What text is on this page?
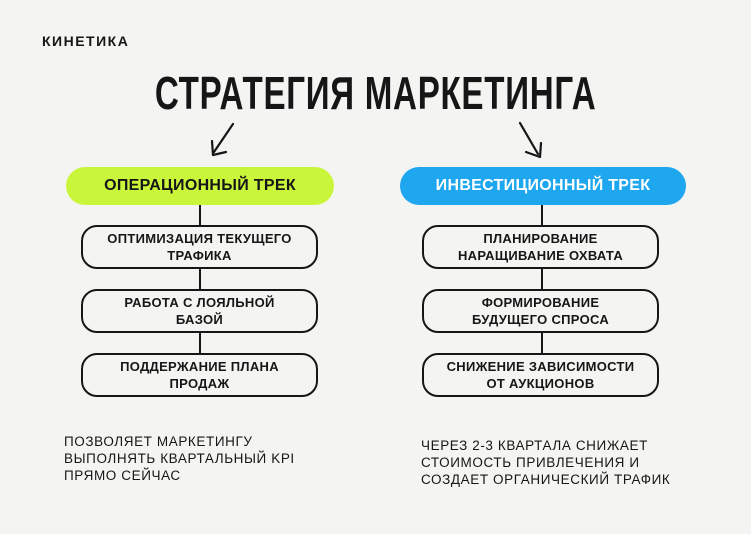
КИНЕТИКА
СТРАТЕГИЯ МАРКЕТИНГА
ОПЕРАЦИОННЫЙ ТРЕК	ИНВЕСТИЦИОННЫЙ ТРЕК
ОПТИМИЗАЦИЯ ТЕКУЩЕГО
ТРАФИКА
РАБОТА С ЛОЯЛЬНОЙ
БАЗОЙ
ПОДДЕРЖАНИЕ ПЛАНА
ПРОДАЖ
ПЛАНИРОВАНИЕ
НАРАЩИВАНИЕ ОХВАТА
ФОРМИРОВАНИЕ
БУДУЩЕГО СПРОСА
СНИЖЕНИЕ ЗАВИСИМОСТИ
ОТ АУКЦИОНОВ
ПОЗВОЛЯЕТ МАРКЕТИНГУ
ВЫПОЛНЯТЬ КВАРТАЛЬНЫЙ KPI
ПРЯМО СЕЙЧАС
ЧЕРЕЗ 2-3 КВАРТАЛА СНИЖАЕТ
СТОИМОСТЬ ПРИВЛЕЧЕНИЯ И
СОЗДАЕТ ОРГАНИЧЕСКИЙ ТРАФИК
